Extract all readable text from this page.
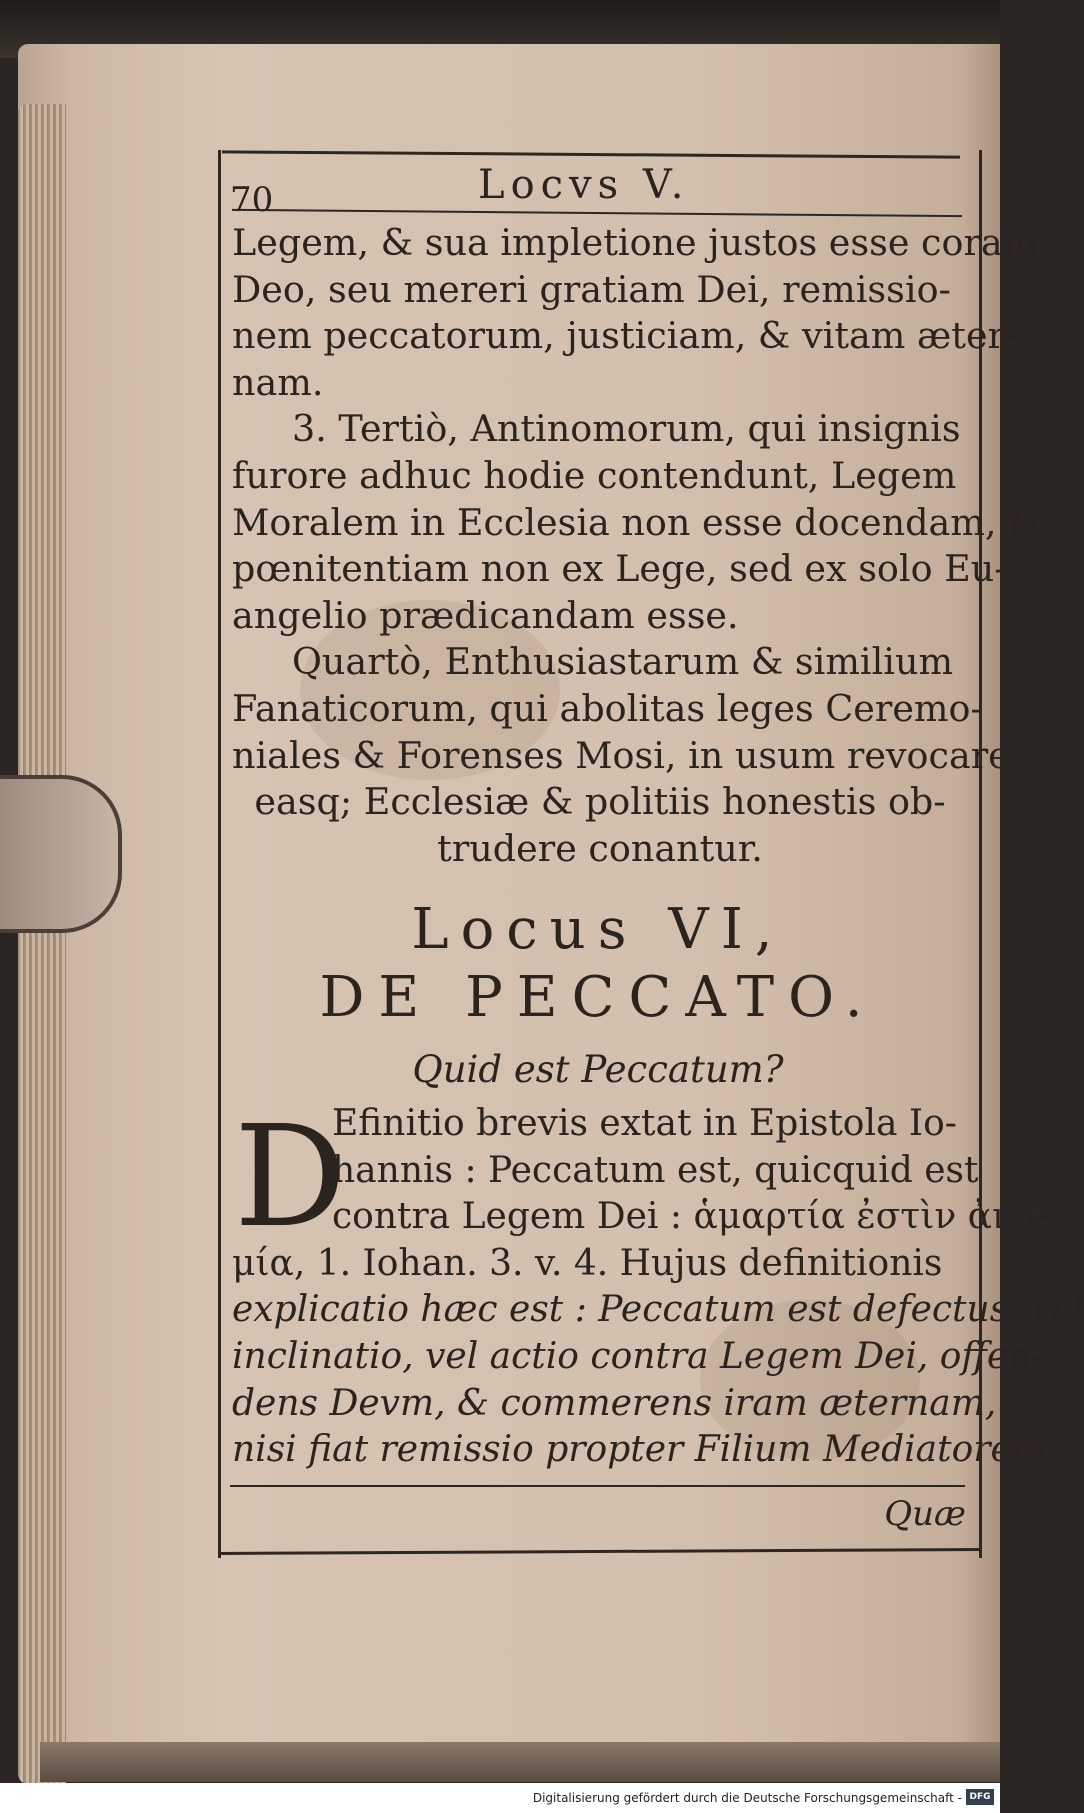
70	Locvs V.
Legem, & sua impletione justos esse coram
Deo, seu mereri gratiam Dei, remissio-
nem peccatorum, justiciam, & vitam æter-
nam.
3. Tertiò, Antinomorum, qui insignis
furore adhuc hodie contendunt, Legem
Moralem in Ecclesia non esse docendam, &
pœnitentiam non ex Lege, sed ex solo Eu-
angelio prædicandam esse.
Quartò, Enthusiastarum & similium
Fanaticorum, qui abolitas leges Ceremo-
niales & Forenses Mosi, in usum revocare,
easq; Ecclesiæ & politiis honestis ob-
trudere conantur.
Locus VI,
DE PECCATO.
Quid est Peccatum?
D
Efinitio brevis extat in Epistola Io-
hannis : Peccatum est, quicquid est
contra Legem Dei : ἁμαρτία ἐστὶν ἀνο-
μία, 1. Iohan. 3. v. 4. Hujus definitionis
explicatio hæc est : Peccatum est defectus, vel
inclinatio, vel actio contra Legem Dei, offen-
dens Devm, & commerens iram æternam,
nisi fiat remissio propter Filium Mediatorem.
Quæ
Digitalisierung gefördert durch die Deutsche Forschungsgemeinschaft - DFG
